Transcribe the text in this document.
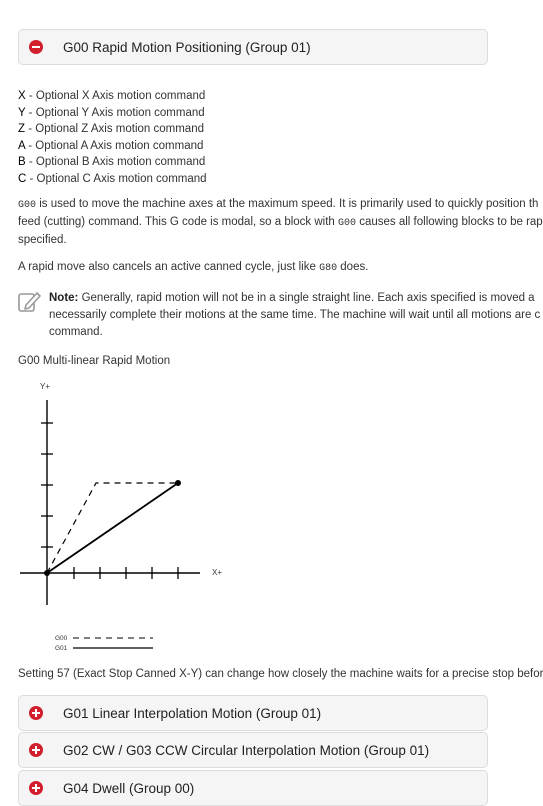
G00 Rapid Motion Positioning (Group 01)
X - Optional X Axis motion command
Y - Optional Y Axis motion command
Z - Optional Z Axis motion command
A - Optional A Axis motion command
B - Optional B Axis motion command
C - Optional C Axis motion command
G00 is used to move the machine axes at the maximum speed. It is primarily used to quickly position th
feed (cutting) command. This G code is modal, so a block with G00 causes all following blocks to be rap
specified.
A rapid move also cancels an active canned cycle, just like G80 does.
Note: Generally, rapid motion will not be in a single straight line. Each axis specified is moved a
necessarily complete their motions at the same time. The machine will wait until all motions are c
command.
G00 Multi-linear Rapid Motion
Y+
X+
G00
G01
Setting 57 (Exact Stop Canned X-Y) can change how closely the machine waits for a precise stop befor
G01 Linear Interpolation Motion (Group 01)
G02 CW / G03 CCW Circular Interpolation Motion (Group 01)
G04 Dwell (Group 00)
